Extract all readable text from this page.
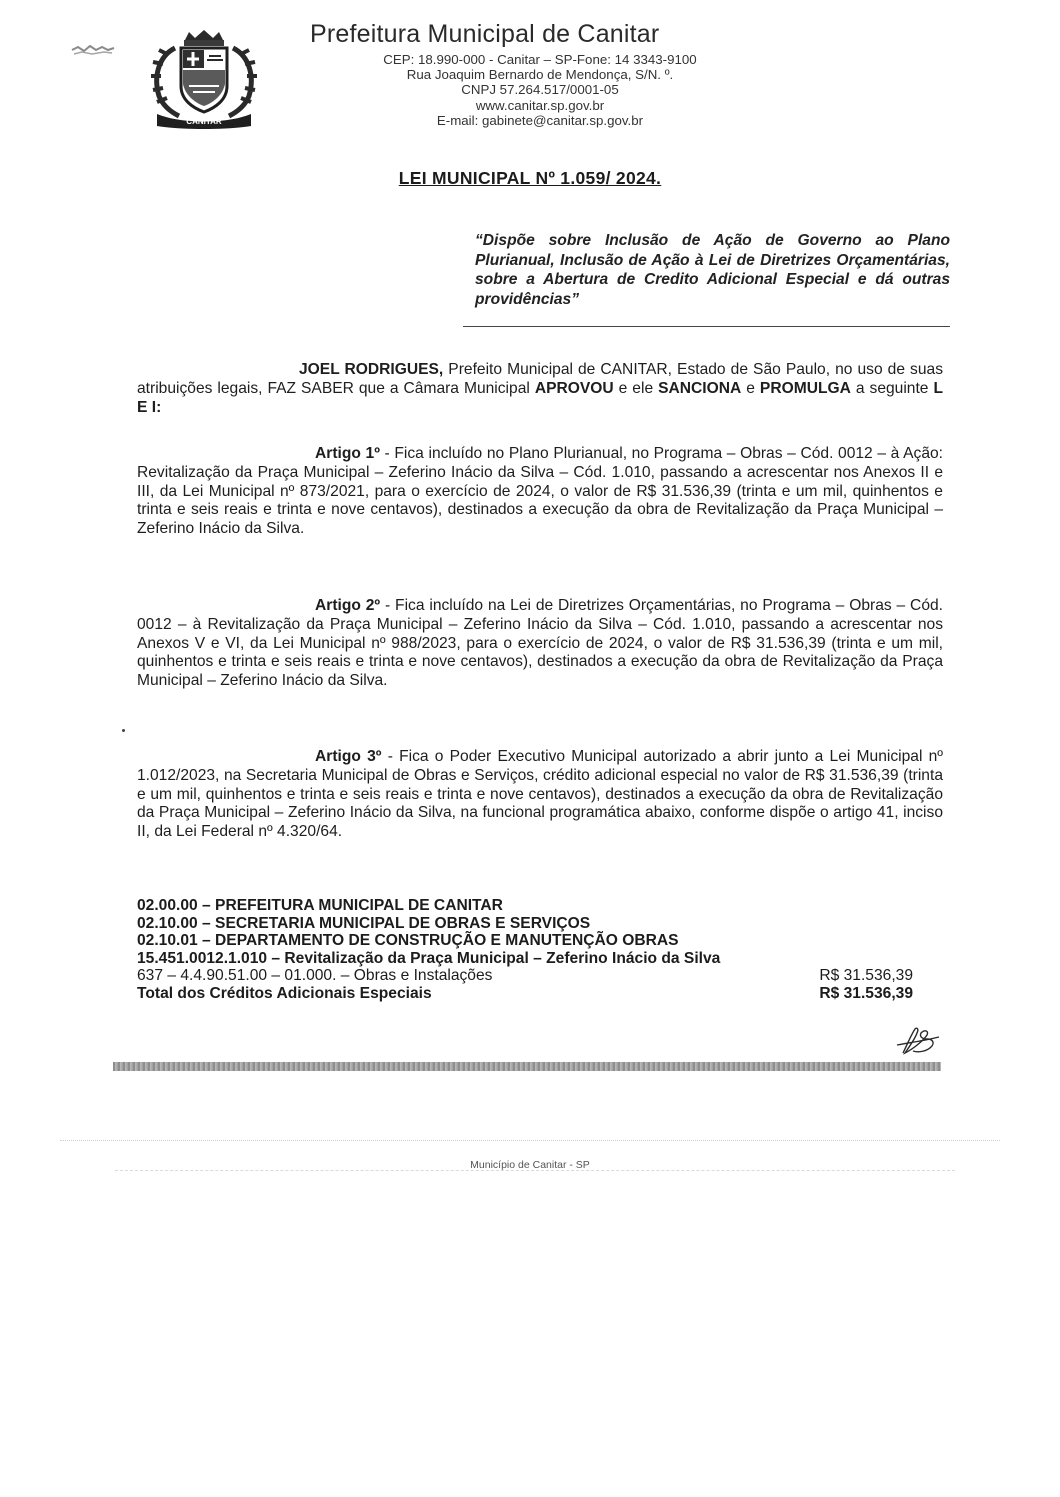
CANITAR
Prefeitura Municipal de Canitar
CEP: 18.990-000 - Canitar – SP-Fone: 14 3343-9100
Rua Joaquim Bernardo de Mendonça, S/N. º.
CNPJ 57.264.517/0001-05
www.canitar.sp.gov.br
E-mail: gabinete@canitar.sp.gov.br
LEI MUNICIPAL Nº 1.059/ 2024.
“Dispõe sobre Inclusão de Ação de Governo ao Plano Plurianual, Inclusão de Ação à Lei de Diretrizes Orçamentárias, sobre a Abertura de Credito Adicional Especial e dá outras providências”
JOEL RODRIGUES, Prefeito Municipal de CANITAR, Estado de São Paulo, no uso de suas atribuições legais, FAZ SABER que a Câmara Municipal APROVOU e ele SANCIONA e PROMULGA a seguinte L E I:
Artigo 1º - Fica incluído no Plano Plurianual, no Programa – Obras – Cód. 0012 – à Ação: Revitalização da Praça Municipal – Zeferino Inácio da Silva – Cód. 1.010, passando a acrescentar nos Anexos II e III, da Lei Municipal nº 873/2021, para o exercício de 2024, o valor de R$ 31.536,39 (trinta e um mil, quinhentos e trinta e seis reais e trinta e nove centavos), destinados a execução da obra de Revitalização da Praça Municipal – Zeferino Inácio da Silva.
Artigo 2º - Fica incluído na Lei de Diretrizes Orçamentárias, no Programa – Obras – Cód. 0012 – à Revitalização da Praça Municipal – Zeferino Inácio da Silva – Cód. 1.010, passando a acrescentar nos Anexos V e VI, da Lei Municipal nº 988/2023, para o exercício de 2024, o valor de R$ 31.536,39 (trinta e um mil, quinhentos e trinta e seis reais e trinta e nove centavos), destinados a execução da obra de Revitalização da Praça Municipal – Zeferino Inácio da Silva.
Artigo 3º - Fica o Poder Executivo Municipal autorizado a abrir junto a Lei Municipal nº 1.012/2023, na Secretaria Municipal de Obras e Serviços, crédito adicional especial no valor de R$ 31.536,39 (trinta e um mil, quinhentos e trinta e seis reais e trinta e nove centavos), destinados a execução da obra de Revitalização da Praça Municipal – Zeferino Inácio da Silva, na funcional programática abaixo, conforme dispõe o artigo 41, inciso II, da Lei Federal nº 4.320/64.
02.00.00 – PREFEITURA MUNICIPAL DE CANITAR
02.10.00 – SECRETARIA MUNICIPAL DE OBRAS E SERVIÇOS
02.10.01 – DEPARTAMENTO DE CONSTRUÇÃO E MANUTENÇÃO OBRAS
15.451.0012.1.010 – Revitalização da Praça Municipal – Zeferino Inácio da Silva
637 – 4.4.90.51.00 – 01.000. – Obras e Instalações	R$ 31.536,39
Total dos Créditos Adicionais Especiais	R$ 31.536,39
Município de Canitar - SP
